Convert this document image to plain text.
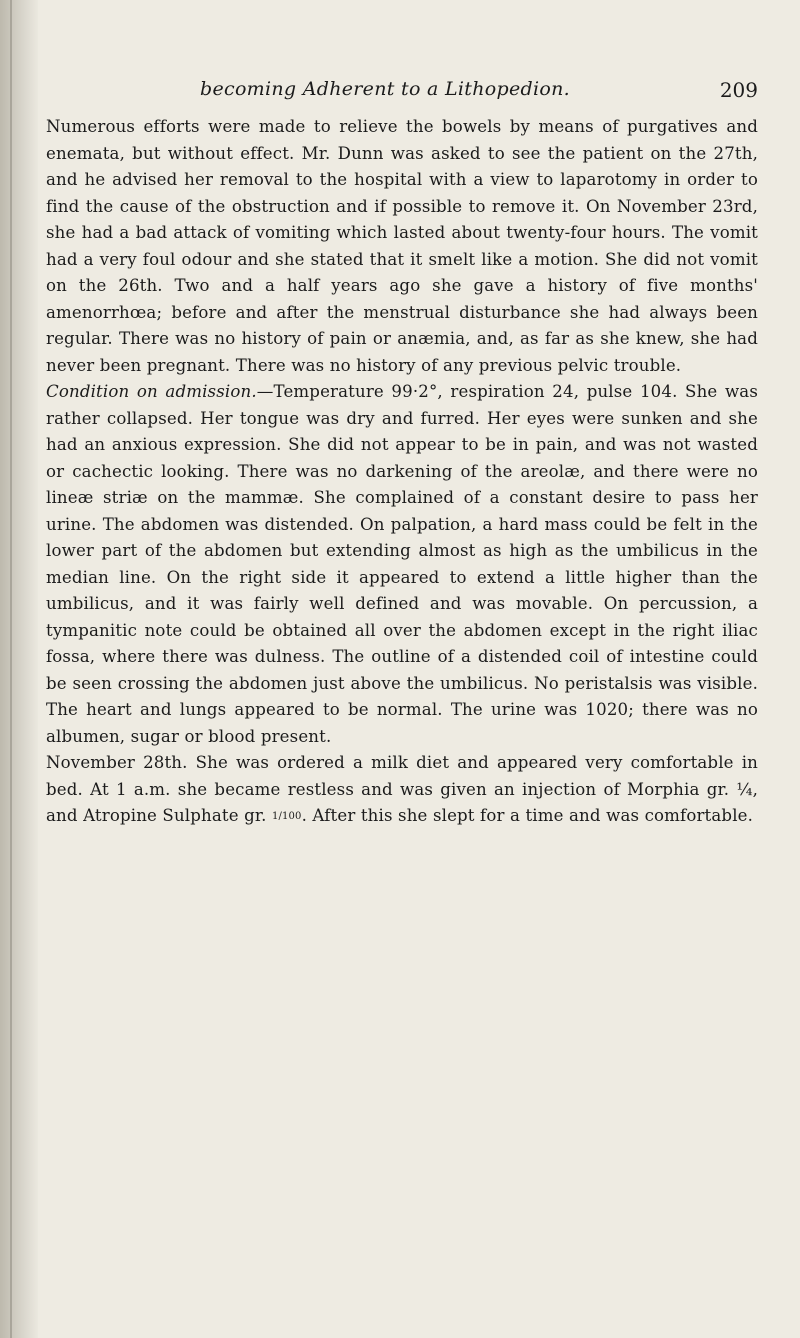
becoming Adherent to a Lithopedion.	209

Numerous efforts were made to relieve the bowels by means of purgatives and enemata, but without effect. Mr. Dunn was asked to see the patient on the 27th, and he advised her removal to the hospital with a view to laparotomy in order to find the cause of the obstruction and if possible to remove it. On November 23rd, she had a bad attack of vomiting which lasted about twenty-four hours. The vomit had a very foul odour and she stated that it smelt like a motion. She did not vomit on the 26th. Two and a half years ago she gave a history of five months' amenorrhœa; before and after the menstrual disturbance she had always been regular. There was no history of pain or anæmia, and, as far as she knew, she had never been pregnant. There was no history of any previous pelvic trouble.

Condition on admission.—Temperature 99·2°, respiration 24, pulse 104. She was rather collapsed. Her tongue was dry and furred. Her eyes were sunken and she had an anxious expression. She did not appear to be in pain, and was not wasted or cachectic looking. There was no darkening of the areolæ, and there were no lineæ striæ on the mammæ. She complained of a constant desire to pass her urine. The abdomen was distended. On palpation, a hard mass could be felt in the lower part of the abdomen but extending almost as high as the umbilicus in the median line. On the right side it appeared to extend a little higher than the umbilicus, and it was fairly well defined and was movable. On percussion, a tympanitic note could be obtained all over the abdomen except in the right iliac fossa, where there was dulness. The outline of a distended coil of intestine could be seen crossing the abdomen just above the umbilicus. No peristalsis was visible. The heart and lungs appeared to be normal. The urine was 1020; there was no albumen, sugar or blood present.

November 28th. She was ordered a milk diet and appeared very comfortable in bed. At 1 a.m. she became restless and was given an injection of Morphia gr. ¼, and Atropine Sulphate gr. 1/100. After this she slept for a time and was comfortable.
